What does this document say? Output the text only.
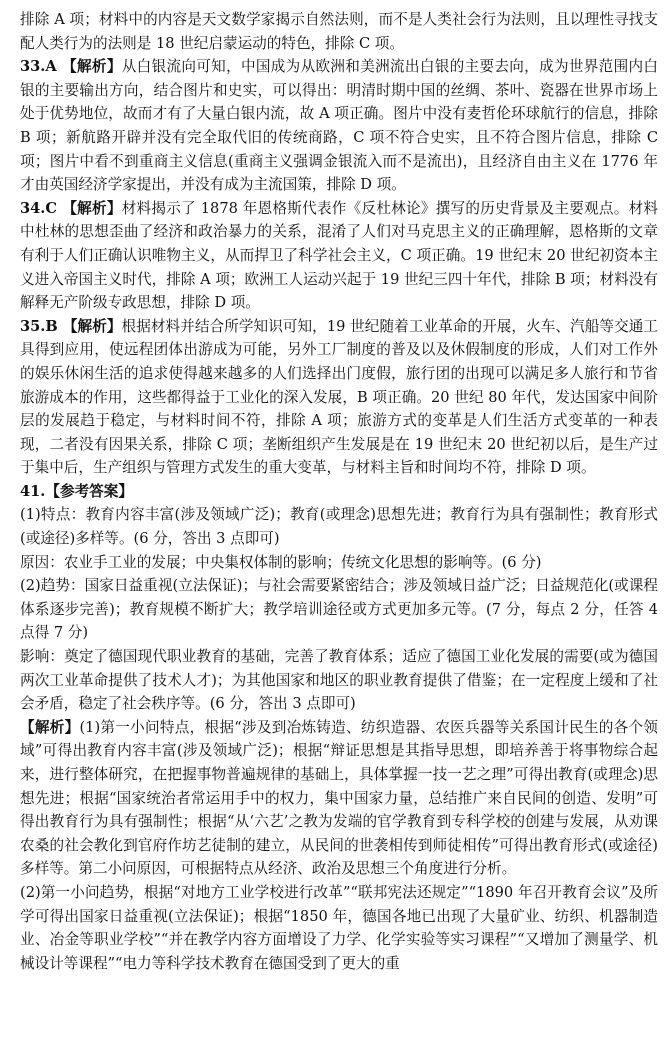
排除 A 项；材料中的内容是天文数学家揭示自然法则，而不是人类社会行为法则，且以理性寻找支配人类行为的法则是 18 世纪启蒙运动的特色，排除 C 项。

33.A 【解析】从白银流向可知，中国成为从欧洲和美洲流出白银的主要去向，成为世界范围内白银的主要输出方向，结合图片和史实，可以得出：明清时期中国的丝绸、茶叶、瓷器在世界市场上处于优势地位，故而才有了大量白银内流，故 A 项正确。图片中没有麦哲伦环球航行的信息，排除 B 项；新航路开辟并没有完全取代旧的传统商路，C 项不符合史实，且不符合图片信息，排除 C 项；图片中看不到重商主义信息(重商主义强调金银流入而不是流出)，且经济自由主义在 1776 年才由英国经济学家提出，并没有成为主流国策，排除 D 项。

34.C 【解析】材料揭示了 1878 年恩格斯代表作《反杜林论》撰写的历史背景及主要观点。材料中杜林的思想歪曲了经济和政治暴力的关系，混淆了人们对马克思主义的正确理解，恩格斯的文章有利于人们正确认识唯物主义，从而捍卫了科学社会主义，C 项正确。19 世纪末 20 世纪初资本主义进入帝国主义时代，排除 A 项；欧洲工人运动兴起于 19 世纪三四十年代，排除 B 项；材料没有解释无产阶级专政思想，排除 D 项。

35.B 【解析】根据材料并结合所学知识可知，19 世纪随着工业革命的开展，火车、汽船等交通工具得到应用，使远程团体出游成为可能，另外工厂制度的普及以及休假制度的形成，人们对工作外的娱乐休闲生活的追求使得越来越多的人们选择出门度假，旅行团的出现可以满足多人旅行和节省旅游成本的作用，这些都得益于工业化的深入发展，B 项正确。20 世纪 80 年代，发达国家中间阶层的发展趋于稳定，与材料时间不符，排除 A 项；旅游方式的变革是人们生活方式变革的一种表现，二者没有因果关系，排除 C 项；垄断组织产生发展是在 19 世纪末 20 世纪初以后，是生产过于集中后，生产组织与管理方式发生的重大变革，与材料主旨和时间均不符，排除 D 项。

41.【参考答案】

(1)特点：教育内容丰富(涉及领域广泛)；教育(或理念)思想先进；教育行为具有强制性；教育形式(或途径)多样等。(6 分，答出 3 点即可)

原因：农业手工业的发展；中央集权体制的影响；传统文化思想的影响等。(6 分)

(2)趋势：国家日益重视(立法保证)；与社会需要紧密结合；涉及领域日益广泛；日益规范化(或课程体系逐步完善)；教育规模不断扩大；教学培训途径或方式更加多元等。(7 分，每点 2 分，任答 4 点得 7 分)

影响：奠定了德国现代职业教育的基础，完善了教育体系；适应了德国工业化发展的需要(或为德国两次工业革命提供了技术人才)；为其他国家和地区的职业教育提供了借鉴；在一定程度上缓和了社会矛盾，稳定了社会秩序等。(6 分，答出 3 点即可)

【解析】(1)第一小问特点，根据“涉及到冶炼铸造、纺织造器、农医兵器等关系国计民生的各个领域”可得出教育内容丰富(涉及领域广泛)；根据“辩证思想是其指导思想，即培养善于将事物综合起来，进行整体研究，在把握事物普遍规律的基础上，具体掌握一技一艺之理”可得出教育(或理念)思想先进；根据“国家统治者常运用手中的权力，集中国家力量，总结推广来自民间的创造、发明”可得出教育行为具有强制性；根据“从‘六艺’之教为发端的官学教育到专科学校的创建与发展，从劝课农桑的社会教化到官府作坊艺徒制的建立，从民间的世袭相传到师徒相传”可得出教育形式(或途径)多样等。第二小问原因，可根据特点从经济、政治及思想三个角度进行分析。

(2)第一小问趋势，根据“对地方工业学校进行改革”“联邦宪法还规定”“1890 年召开教育会议”及所学可得出国家日益重视(立法保证)；根据“1850 年，德国各地已出现了大量矿业、纺织、机器制造业、冶金等职业学校”“并在教学内容方面增设了力学、化学实验等实习课程”“又增加了测量学、机械设计等课程”“电力等科学技术教育在德国受到了更大的重
